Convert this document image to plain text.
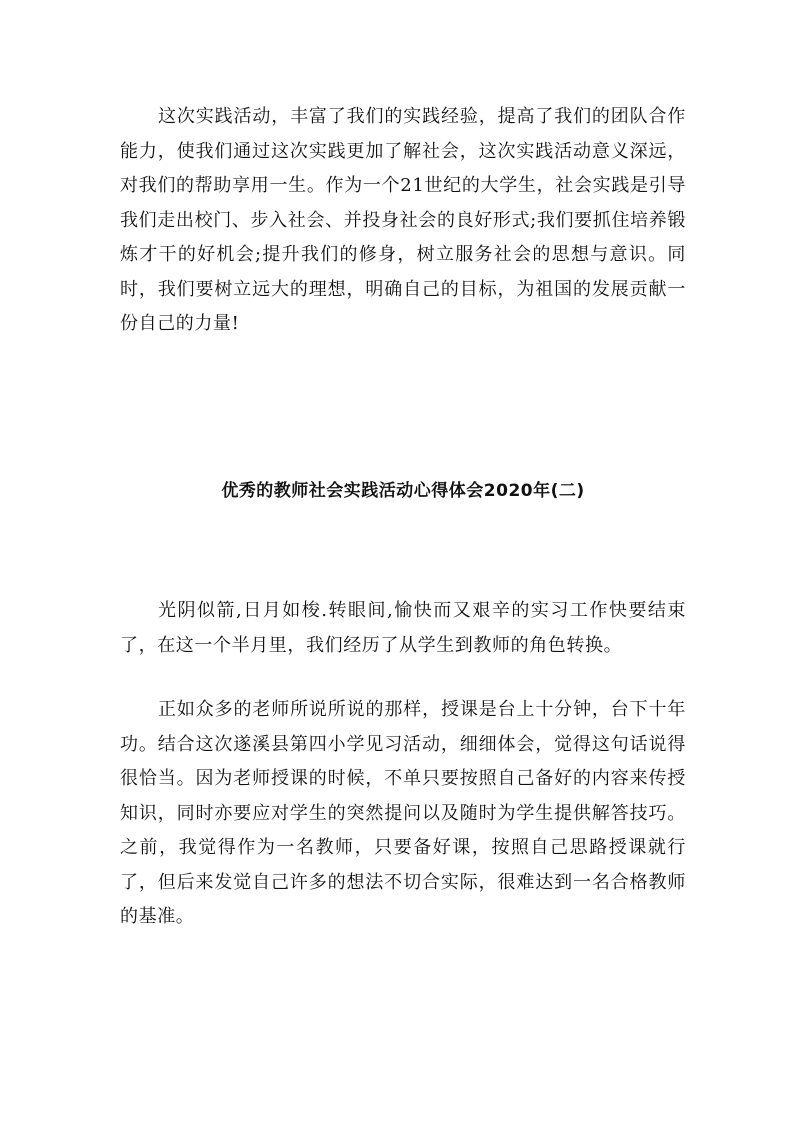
这次实践活动，丰富了我们的实践经验，提高了我们的团队合作能力，使我们通过这次实践更加了解社会，这次实践活动意义深远，对我们的帮助享用一生。作为一个21世纪的大学生，社会实践是引导我们走出校门、步入社会、并投身社会的良好形式;我们要抓住培养锻炼才干的好机会;提升我们的修身，树立服务社会的思想与意识。同时，我们要树立远大的理想，明确自己的目标，为祖国的发展贡献一份自己的力量!

优秀的教师社会实践活动心得体会2020年(二)

光阴似箭,日月如梭.转眼间,愉快而又艰辛的实习工作快要结束了，在这一个半月里，我们经历了从学生到教师的角色转换。

正如众多的老师所说所说的那样，授课是台上十分钟，台下十年功。结合这次遂溪县第四小学见习活动，细细体会，觉得这句话说得很恰当。因为老师授课的时候，不单只要按照自己备好的内容来传授知识，同时亦要应对学生的突然提问以及随时为学生提供解答技巧。之前，我觉得作为一名教师，只要备好课，按照自己思路授课就行了，但后来发觉自己许多的想法不切合实际，很难达到一名合格教师的基准。
